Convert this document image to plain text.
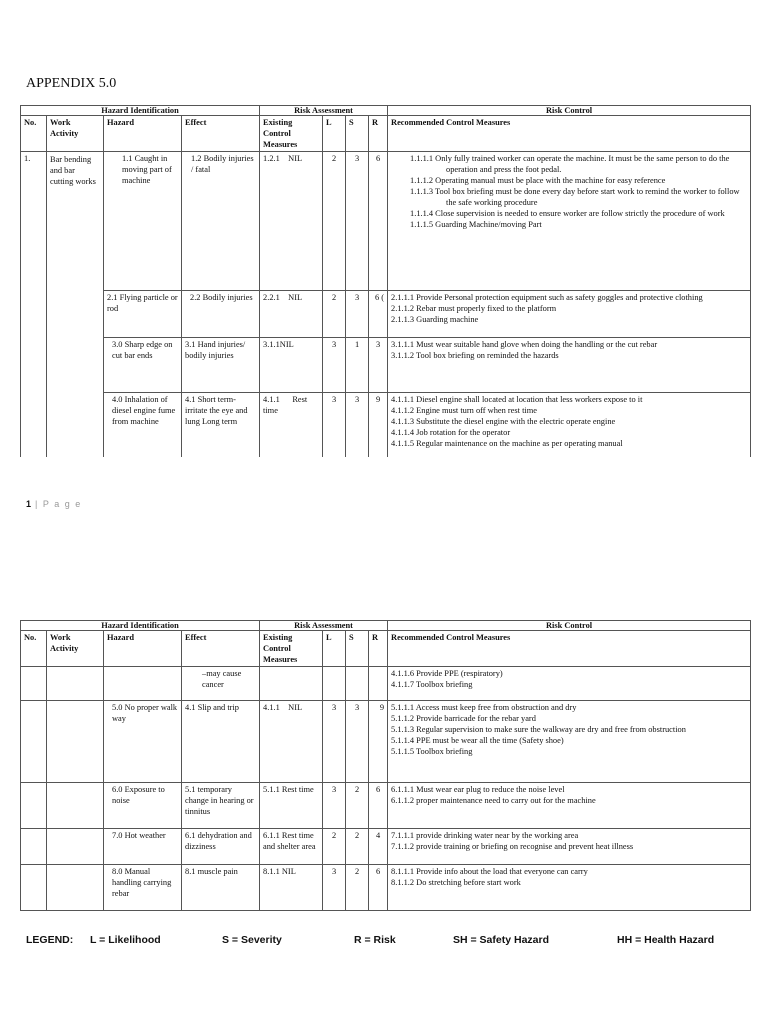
APPENDIX 5.0
Hazard Identification				Risk Assessment				Risk Control
No.	Work Activity	Hazard	Effect	Existing Control Measures	L	S	R	Recommended Control Measures
1.	Bar bending and bar cutting works	1.1 Caught in moving part of machine	1.2 Bodily injuries / fatal	1.2.1    NIL	2	3	6	1.1.1.1 Only fully trained worker can operate the machine. It must be the same person to do the operation and press the foot pedal.
1.1.1.2 Operating manual must be place with the machine for easy reference
1.1.1.3 Tool box briefing must be done every day before start work to remind the worker to follow the safe working procedure
1.1.1.4 Close supervision is needed to ensure worker are follow strictly the procedure of work
1.1.1.5 Guarding Machine/moving Part

		2.1 Flying particle or rod	2.2 Bodily injuries	2.2.1    NIL	2	3	6 (	2.1.1.1 Provide Personal protection equipment such as safety goggles and protective clothing
2.1.1.2 Rebar must properly fixed to the platform
2.1.1.3 Guarding machine

		3.0 Sharp edge on cut bar ends	3.1 Hand injuries/ bodily injuries	3.1.1NIL	3	1	3	3.1.1.1 Must wear suitable hand glove when doing the handling or the cut rebar
3.1.1.2 Tool box briefing on reminded the hazards

		4.0 Inhalation of diesel engine fume from machine	4.1 Short term- irritate the eye and lung Long term	4.1.1      Rest time	3	3	9	4.1.1.1 Diesel engine shall located at location that less workers expose to it
4.1.1.2 Engine must turn off when rest time
4.1.1.3 Substitute the diesel engine with the electric operate engine
4.1.1.4 Job rotation for the operator
4.1.1.5 Regular maintenance on the machine as per operating manual
1 | P a g e
Hazard Identification				Risk Assessment				Risk Control
No.	Work Activity	Hazard	Effect	Existing Control Measures	L	S	R	Recommended Control Measures
			–may cause cancer					4.1.1.6 Provide PPE (respiratory)
4.1.1.7 Toolbox briefing

		5.0 No proper walk way	4.1 Slip and trip	4.1.1    NIL	3	3	9	5.1.1.1 Access must keep free from obstruction and dry
5.1.1.2 Provide barricade for the rebar yard
5.1.1.3 Regular supervision to make sure the walkway are dry and free from obstruction
5.1.1.4 PPE must be wear all the time (Safety shoe)
5.1.1.5 Toolbox briefing

		6.0 Exposure to noise	5.1 temporary change in hearing or tinnitus	5.1.1 Rest time	3	2	6	6.1.1.1 Must wear ear plug to reduce the noise level
6.1.1.2 proper maintenance need to carry out for the machine

		7.0 Hot weather	6.1 dehydration and dizziness	6.1.1 Rest time and shelter area	2	2	4	7.1.1.1 provide drinking water near by the working area
7.1.1.2 provide training or briefing on recognise and prevent heat illness

		8.0 Manual handling carrying rebar	8.1 muscle pain	8.1.1 NIL	3	2	6	8.1.1.1 Provide info about the load that everyone can carry
8.1.1.2 Do stretching before start work
LEGEND:	L = Likelihood	S = Severity	R = Risk	SH = Safety Hazard	HH = Health Hazard
